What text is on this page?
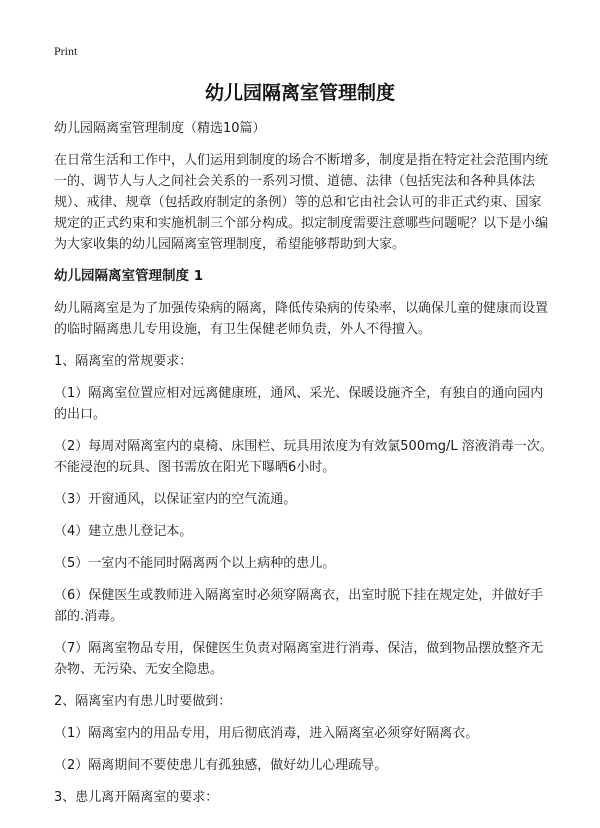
Print
幼儿园隔离室管理制度

幼儿园隔离室管理制度（精选10篇）

在日常生活和工作中，人们运用到制度的场合不断增多，制度是指在特定社会范围内统一的、调节人与人之间社会关系的一系列习惯、道德、法律（包括宪法和各种具体法规）、戒律、规章（包括政府制定的条例）等的总和它由社会认可的非正式约束、国家规定的正式约束和实施机制三个部分构成。拟定制度需要注意哪些问题呢？以下是小编为大家收集的幼儿园隔离室管理制度，希望能够帮助到大家。

幼儿园隔离室管理制度 1

幼儿隔离室是为了加强传染病的隔离，降低传染病的传染率，以确保儿童的健康而设置的临时隔离患儿专用设施，有卫生保健老师负责，外人不得擅入。

1、隔离室的常规要求：

（1）隔离室位置应相对远离健康班，通风、采光、保暖设施齐全，有独自的通向园内的出口。

（2）每周对隔离室内的桌椅、床围栏、玩具用浓度为有效氯500mg/L 溶液消毒一次。不能浸泡的玩具、图书需放在阳光下曝晒6小时。

（3）开窗通风，以保证室内的空气流通。

（4）建立患儿登记本。

（5）一室内不能同时隔离两个以上病种的患儿。

（6）保健医生或教师进入隔离室时必须穿隔离衣，出室时脱下挂在规定处，并做好手部的.消毒。

（7）隔离室物品专用，保健医生负责对隔离室进行消毒、保洁，做到物品摆放整齐无杂物、无污染、无安全隐患。

2、隔离室内有患儿时要做到：

（1）隔离室内的用品专用，用后彻底消毒，进入隔离室必须穿好隔离衣。

（2）隔离期间不要使患儿有孤独感，做好幼儿心理疏导。

3、患儿离开隔离室的要求：
